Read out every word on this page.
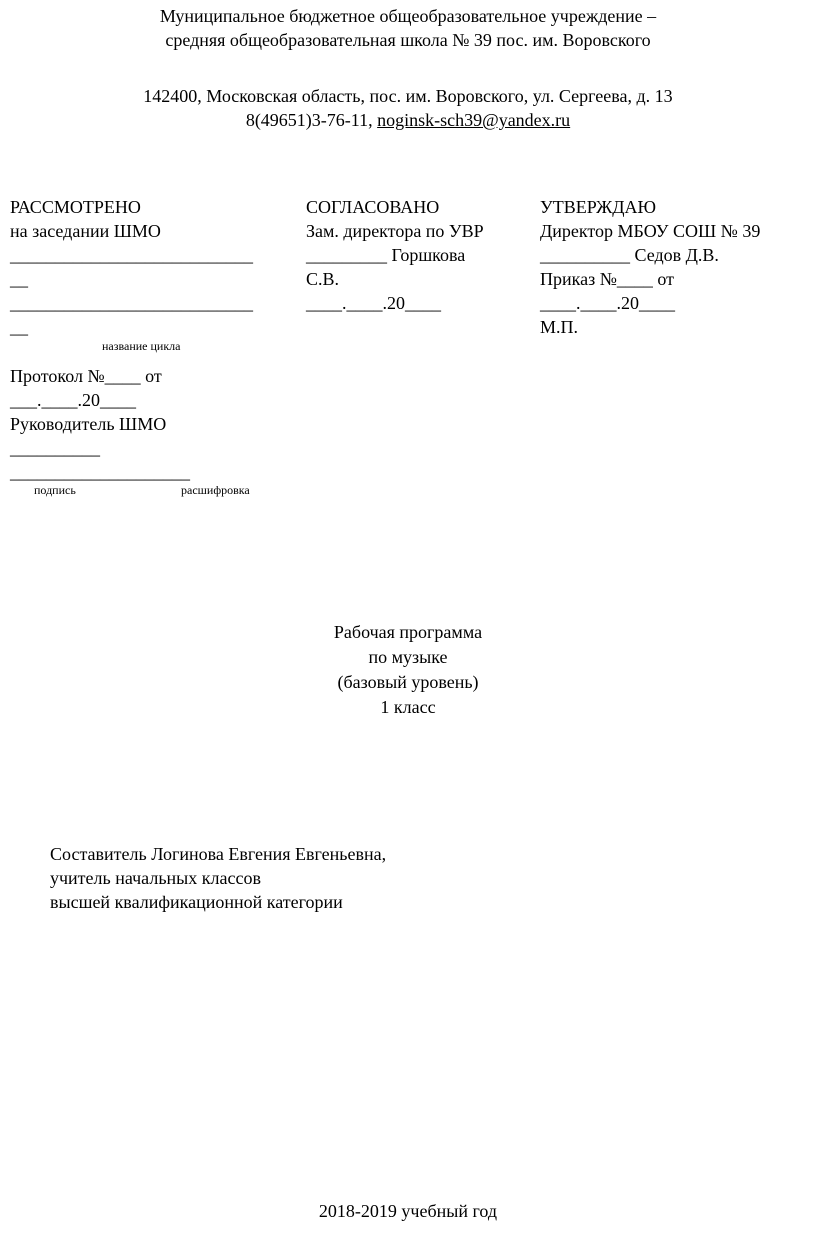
Муниципальное бюджетное общеобразовательное учреждение –
средняя общеобразовательная школа № 39 пос. им. Воровского
142400, Московская область, пос. им. Воровского, ул. Сергеева, д. 13
8(49651)3-76-11, noginsk-sch39@yandex.ru
РАССМОТРЕНО
на заседании ШМО
___________________________
__
___________________________
__
название цикла
Протокол №____ от
___.____.20____
Руководитель ШМО
__________
____________________
подпись	расшифровка
СОГЛАСОВАНО
Зам. директора по УВР
_________ Горшкова
С.В.
____.____.20____
УТВЕРЖДАЮ
Директор МБОУ СОШ № 39
__________ Седов Д.В.
Приказ №____ от
____.____.20____
М.П.
Рабочая программа
по музыке
(базовый уровень)
1 класс
Составитель Логинова Евгения Евгеньевна,
учитель начальных классов
высшей квалификационной категории
2018-2019 учебный год
